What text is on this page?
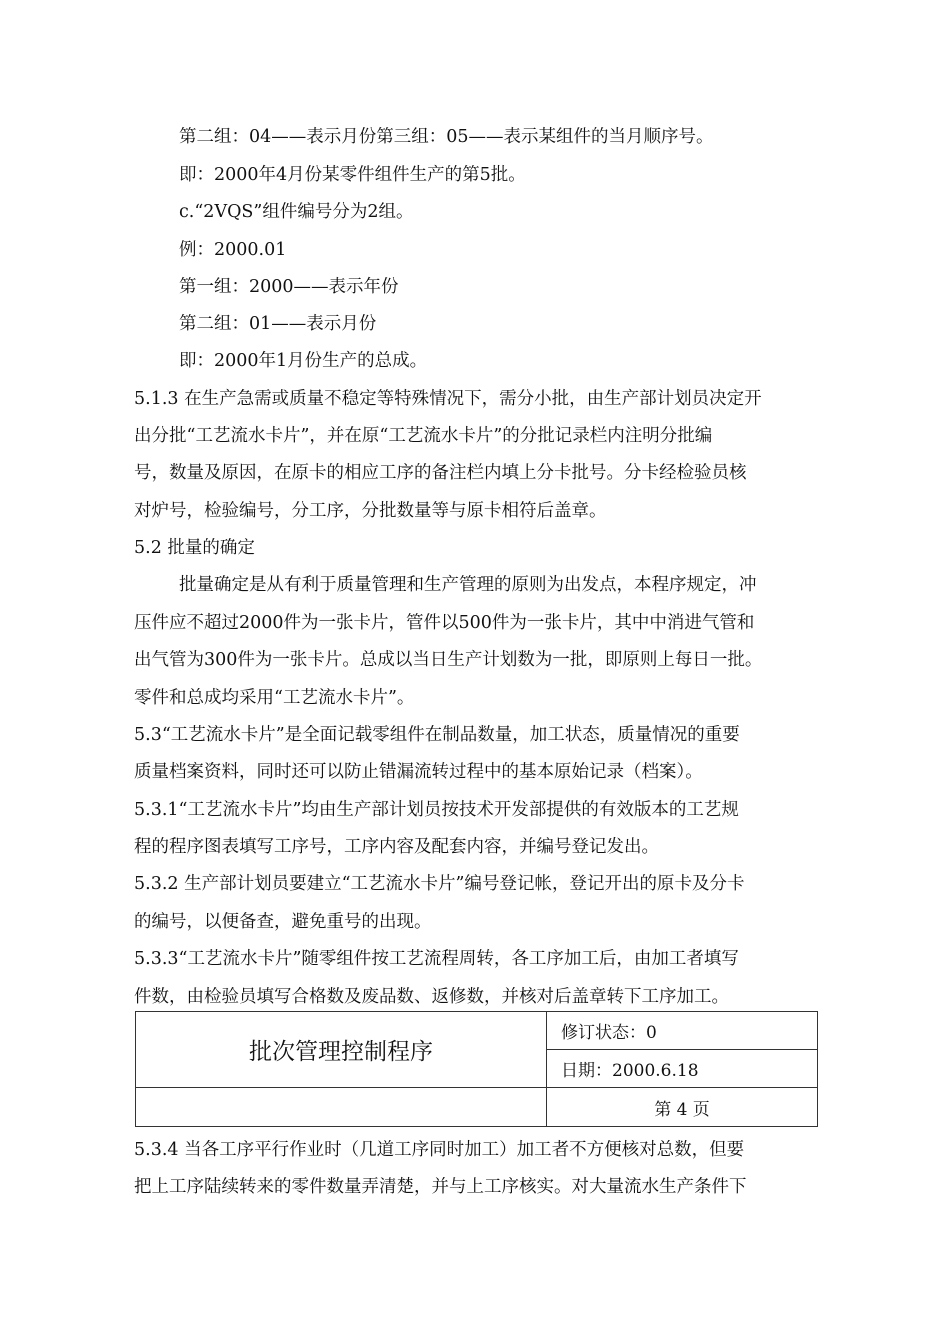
第二组：04——表示月份第三组：05——表示某组件的当月顺序号。
即：2000年4月份某零件组件生产的第5批。
c.“2VQS”组件编号分为2组。
例：2000.01
第一组：2000——表示年份
第二组：01——表示月份
即：2000年1月份生产的总成。
5.1.3 在生产急需或质量不稳定等特殊情况下，需分小批，由生产部计划员决定开
出分批“工艺流水卡片”，并在原“工艺流水卡片”的分批记录栏内注明分批编
号，数量及原因，在原卡的相应工序的备注栏内填上分卡批号。分卡经检验员核
对炉号，检验编号，分工序，分批数量等与原卡相符后盖章。
5.2 批量的确定
批量确定是从有利于质量管理和生产管理的原则为出发点，本程序规定，冲
压件应不超过2000件为一张卡片，管件以500件为一张卡片，其中中消进气管和
出气管为300件为一张卡片。总成以当日生产计划数为一批，即原则上每日一批。
零件和总成均采用“工艺流水卡片”。
5.3“工艺流水卡片”是全面记载零组件在制品数量，加工状态，质量情况的重要
质量档案资料，同时还可以防止错漏流转过程中的基本原始记录（档案）。
5.3.1“工艺流水卡片”均由生产部计划员按技术开发部提供的有效版本的工艺规
程的程序图表填写工序号，工序内容及配套内容，并编号登记发出。
5.3.2 生产部计划员要建立“工艺流水卡片”编号登记帐，登记开出的原卡及分卡
的编号，以便备查，避免重号的出现。
5.3.3“工艺流水卡片”随零组件按工艺流程周转，各工序加工后，由加工者填写
件数，由检验员填写合格数及废品数、返修数，并核对后盖章转下工序加工。
批次管理控制程序	修订状态：0
	日期：2000.6.18
	第 4 页
5.3.4 当各工序平行作业时（几道工序同时加工）加工者不方便核对总数，但要
把上工序陆续转来的零件数量弄清楚，并与上工序核实。对大量流水生产条件下
